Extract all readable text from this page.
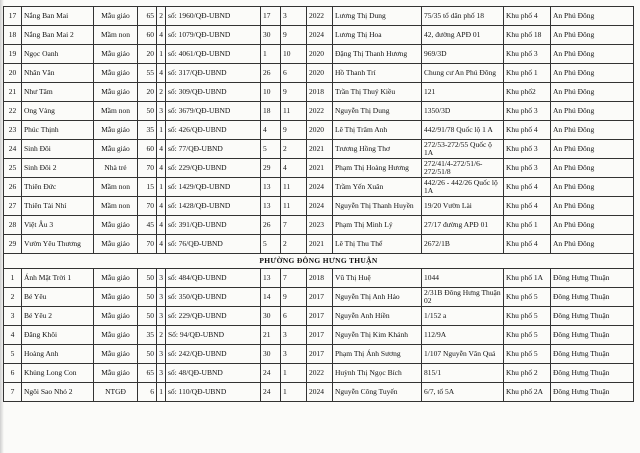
17	Nắng Ban Mai	Mẫu giáo	65	2	số: 1960/QĐ-UBND	17	3	2022	Lương Thị Dung	75/35 tổ dân phố 18	Khu phố 4	An Phú Đông
18	Nắng Ban Mai 2	Mầm non	60	4	số: 1079/QĐ-UBND	30	9	2024	Lương Thị Hoa	42, đường APĐ 01	Khu phố 18	An Phú Đông
19	Ngọc Oanh	Mẫu giáo	20	1	số: 4061/QĐ-UBND	1	10	2020	Đặng Thị Thanh Hương	969/3D	Khu phố 3	An Phú Đông
20	Nhân Văn	Mẫu giáo	55	4	số: 317/QĐ-UBND	26	6	2020	Hồ Thanh Trí	Chung cư An Phú Đông	Khu phố 1	An Phú Đông
21	Như Tâm	Mẫu giáo	20	2	số: 309/QĐ-UBND	10	9	2018	Trần Thị Thuý Kiều	121	Khu phố2	An Phú Đông
22	Ong Vàng	Mầm non	50	3	số: 3679/QĐ-UBND	18	11	2022	Nguyễn Thị Dung	1350/3D	Khu phố 3	An Phú Đông
23	Phúc Thịnh	Mẫu giáo	35	1	số: 426/QĐ-UBND	4	9	2020	Lê Thị Trâm Anh	442/91/78 Quốc lộ 1 A	Khu phố 4	An Phú Đông
24	Sinh Đôi	Mẫu giáo	60	4	số: 77/QĐ-UBND	5	2	2021	Trương Hồng Thơ	272/53-272/55 Quốc ộ 1A	Khu phố 3	An Phú Đông
25	Sinh Đôi 2	Nhà trẻ	70	4	số: 229/QĐ-UBND	29	4	2021	Phạm Thị Hoàng Hương	272/41/4-272/51/6-272/51/8	Khu phố 3	An Phú Đông
26	Thiên Đức	Mầm non	15	1	số: 1429/QĐ-UBND	13	11	2024	Trầm Yến Xuân	442/26 - 442/26 Quốc lộ 1A	Khu phố 4	An Phú Đông
27	Thiên Tài Nhí	Mầm non	70	4	số: 1428/QĐ-UBND	13	11	2024	Nguyễn Thị Thanh Huyền	19/20 Vườn Lài	Khu phố 4	An Phú Đông
28	Việt Âu 3	Mẫu giáo	45	4	số: 391/QĐ-UBND	26	7	2023	Phạm Thị Minh Lý	27/17 đường APĐ 01	Khu phố 1	An Phú Đông
29	Vườn Yêu Thương	Mẫu giáo	70	4	số: 76/QĐ-UBND	5	2	2021	Lê Thị Thu Thể	2672/1B	Khu phố 4	An Phú Đông
PHƯỜNG ĐÔNG HƯNG THUẬN												
1	Ánh Mặt Trời 1	Mẫu giáo	50	3	số: 484/QĐ-UBND	13	7	2018	Vũ Thị Huệ	1044	Khu phố 1A	Đông Hưng Thuận
2	Bé Yêu	Mẫu giáo	50	3	số: 350/QĐ-UBND	14	9	2017	Nguyễn Thị Anh Hảo	2/31B Đông Hưng Thuận 02	Khu phố 5	Đông Hưng Thuận
3	Bé Yêu 2	Mẫu giáo	50	3	số: 229/QĐ-UBND	30	6	2017	Nguyễn Anh Hiền	1/152 a	Khu phố 5	Đông Hưng Thuận
4	Đăng Khôi	Mẫu giáo	35	2	Số: 94/QĐ-UBND	21	3	2017	Nguyễn Thị Kim Khánh	112/9A	Khu phố 5	Đông Hưng Thuận
5	Hoàng Anh	Mẫu giáo	50	3	số: 242/QĐ-UBND	30	3	2017	Phạm Thị Ánh Sương	1/107 Nguyễn Văn Quá	Khu phố 5	Đông Hưng Thuận
6	Khủng Long Con	Mẫu giáo	65	3	số: 48/QĐ-UBND	24	1	2022	Huỳnh Thị Ngọc Bích	815/1	Khu phố 2	Đông Hưng Thuận
7	Ngôi Sao Nhỏ 2	NTGĐ	6	1	số: 110/QĐ-UBND	24	1	2024	Nguyễn Công Tuyến	6/7, tổ 5A	Khu phố 2A	Đông Hưng Thuận
